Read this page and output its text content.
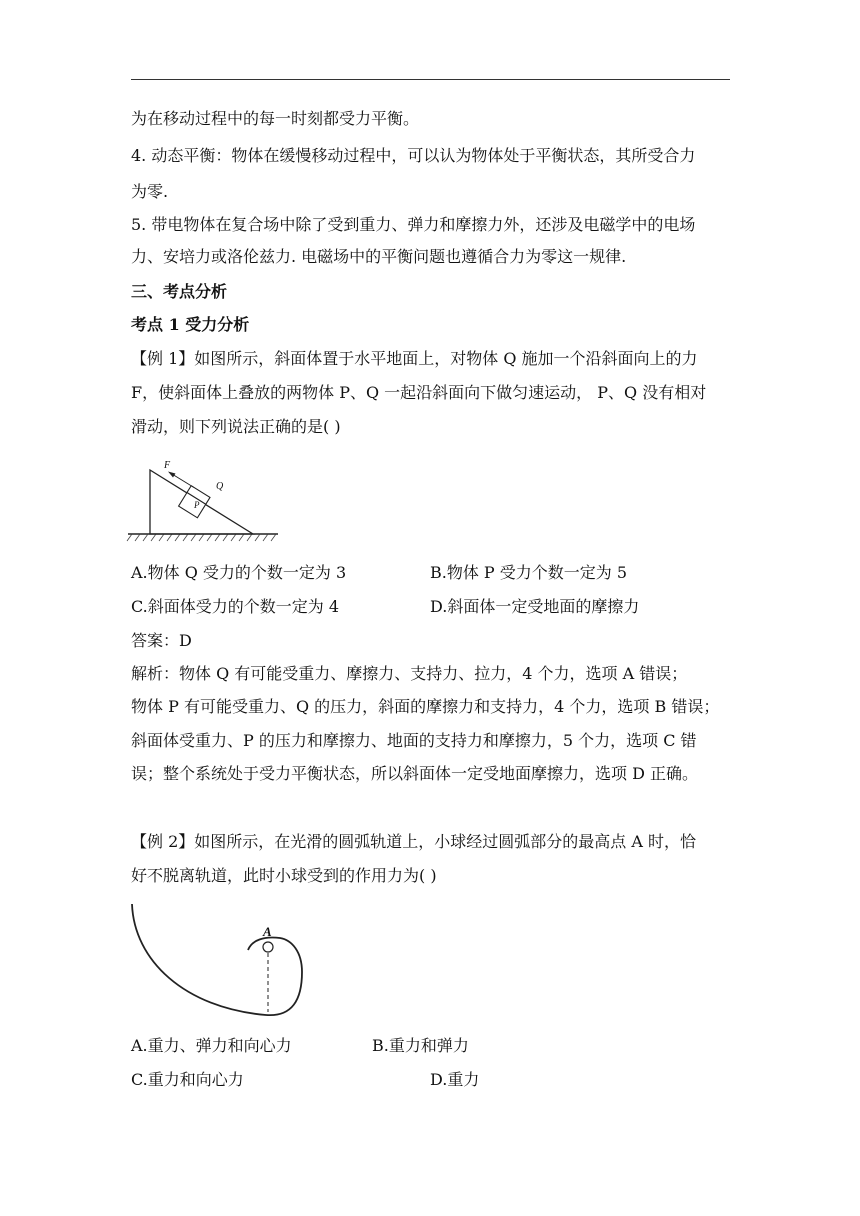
为在移动过程中的每一时刻都受力平衡。
4. 动态平衡：物体在缓慢移动过程中，可以认为物体处于平衡状态，其所受合力
为零.
5. 带电物体在复合场中除了受到重力、弹力和摩擦力外，还涉及电磁学中的电场
力、安培力或洛伦兹力. 电磁场中的平衡问题也遵循合力为零这一规律.
三、考点分析
考点 1 受力分析
【例 1】如图所示，斜面体置于水平地面上，对物体 Q 施加一个沿斜面向上的力
F，使斜面体上叠放的两物体 P、Q 一起沿斜面向下做匀速运动， P、Q 没有相对
滑动，则下列说法正确的是( )
F
P
Q
A.物体 Q 受力的个数一定为 3	B.物体 P 受力个数一定为 5
C.斜面体受力的个数一定为 4	D.斜面体一定受地面的摩擦力
答案：D
解析：物体 Q 有可能受重力、摩擦力、支持力、拉力，4 个力，选项 A 错误；
物体 P 有可能受重力、Q 的压力，斜面的摩擦力和支持力，4 个力，选项 B 错误；
斜面体受重力、P 的压力和摩擦力、地面的支持力和摩擦力，5 个力，选项 C 错
误；整个系统处于受力平衡状态，所以斜面体一定受地面摩擦力，选项 D 正确。
【例 2】如图所示，在光滑的圆弧轨道上，小球经过圆弧部分的最高点 A 时，恰
好不脱离轨道，此时小球受到的作用力为( )
A
A.重力、弹力和向心力	B.重力和弹力
C.重力和向心力	D.重力
